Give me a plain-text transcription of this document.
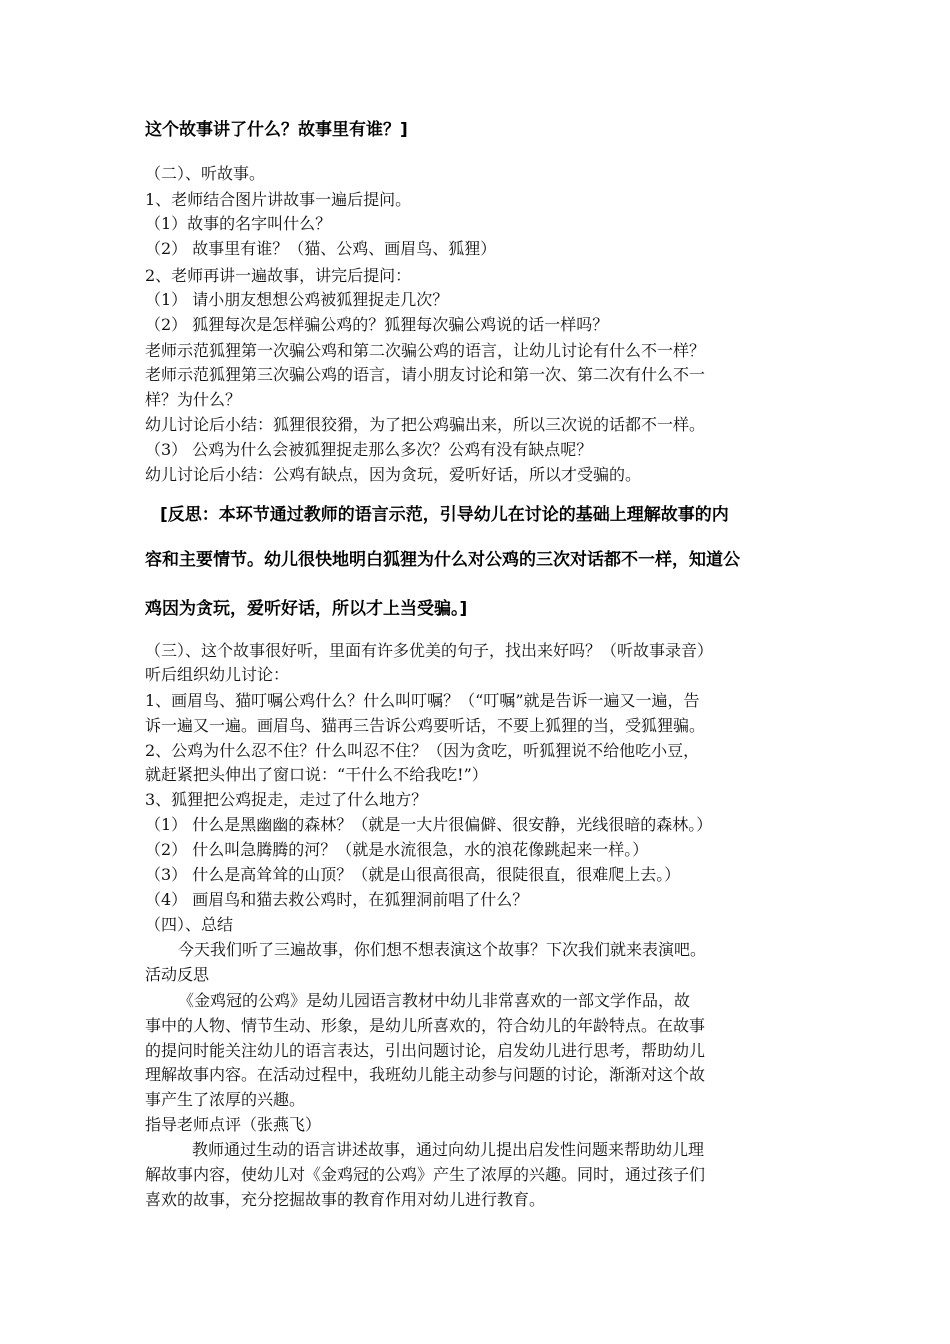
这个故事讲了什么？故事里有谁？]
（二）、听故事。
1、老师结合图片讲故事一遍后提问。
（1）故事的名字叫什么？
（2） 故事里有谁？（猫、公鸡、画眉鸟、狐狸）
2、老师再讲一遍故事，讲完后提问：
（1） 请小朋友想想公鸡被狐狸捉走几次？
（2） 狐狸每次是怎样骗公鸡的？狐狸每次骗公鸡说的话一样吗？
老师示范狐狸第一次骗公鸡和第二次骗公鸡的语言，让幼儿讨论有什么不一样？
老师示范狐狸第三次骗公鸡的语言，请小朋友讨论和第一次、第二次有什么不一
样？为什么？
幼儿讨论后小结：狐狸很狡猾，为了把公鸡骗出来，所以三次说的话都不一样。
（3） 公鸡为什么会被狐狸捉走那么多次？公鸡有没有缺点呢？
幼儿讨论后小结：公鸡有缺点，因为贪玩，爱听好话，所以才受骗的。
[反思：本环节通过教师的语言示范，引导幼儿在讨论的基础上理解故事的内
容和主要情节。幼儿很快地明白狐狸为什么对公鸡的三次对话都不一样，知道公
鸡因为贪玩，爱听好话，所以才上当受骗。]
（三）、这个故事很好听，里面有许多优美的句子，找出来好吗？（听故事录音）
听后组织幼儿讨论：
1、画眉鸟、猫叮嘱公鸡什么？什么叫叮嘱？（“叮嘱”就是告诉一遍又一遍，告
诉一遍又一遍。画眉鸟、猫再三告诉公鸡要听话，不要上狐狸的当，受狐狸骗。
2、公鸡为什么忍不住？什么叫忍不住？（因为贪吃，听狐狸说不给他吃小豆，
就赶紧把头伸出了窗口说：“干什么不给我吃!”）
3、狐狸把公鸡捉走，走过了什么地方？
（1） 什么是黑幽幽的森林？（就是一大片很偏僻、很安静，光线很暗的森林。）
（2） 什么叫急腾腾的河？（就是水流很急，水的浪花像跳起来一样。）
（3） 什么是高耸耸的山顶？（就是山很高很高，很陡很直，很难爬上去。）
（4） 画眉鸟和猫去救公鸡时，在狐狸洞前唱了什么？
（四）、总结
今天我们听了三遍故事，你们想不想表演这个故事？下次我们就来表演吧。
活动反思
《金鸡冠的公鸡》是幼儿园语言教材中幼儿非常喜欢的一部文学作品，故
事中的人物、情节生动、形象，是幼儿所喜欢的，符合幼儿的年龄特点。在故事
的提问时能关注幼儿的语言表达，引出问题讨论，启发幼儿进行思考，帮助幼儿
理解故事内容。在活动过程中，我班幼儿能主动参与问题的讨论，渐渐对这个故
事产生了浓厚的兴趣。
指导老师点评（张燕飞）
教师通过生动的语言讲述故事，通过向幼儿提出启发性问题来帮助幼儿理
解故事内容，使幼儿对《金鸡冠的公鸡》产生了浓厚的兴趣。同时，通过孩子们
喜欢的故事，充分挖掘故事的教育作用对幼儿进行教育。
